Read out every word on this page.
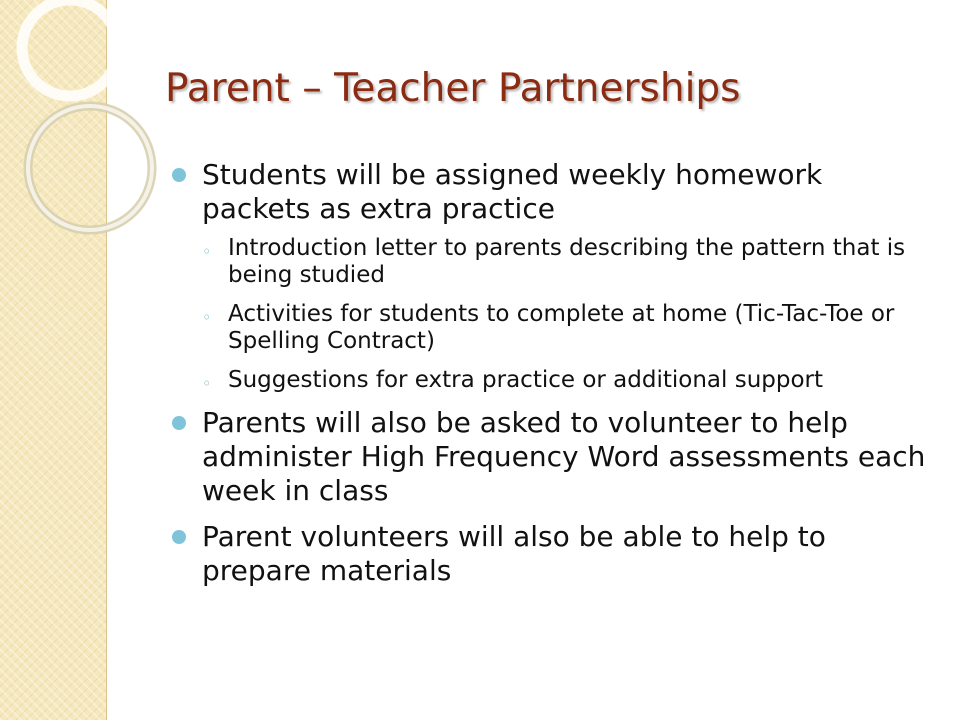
Parent – Teacher Partnerships
Students will be assigned weekly homework packets as extra practice
◦ Introduction letter to parents describing the pattern that is being studied
◦ Activities for students to complete at home (Tic-Tac-Toe or Spelling Contract)
◦ Suggestions for extra practice or additional support
Parents will also be asked to volunteer to help administer High Frequency Word assessments each week in class
Parent volunteers will also be able to help to prepare materials
